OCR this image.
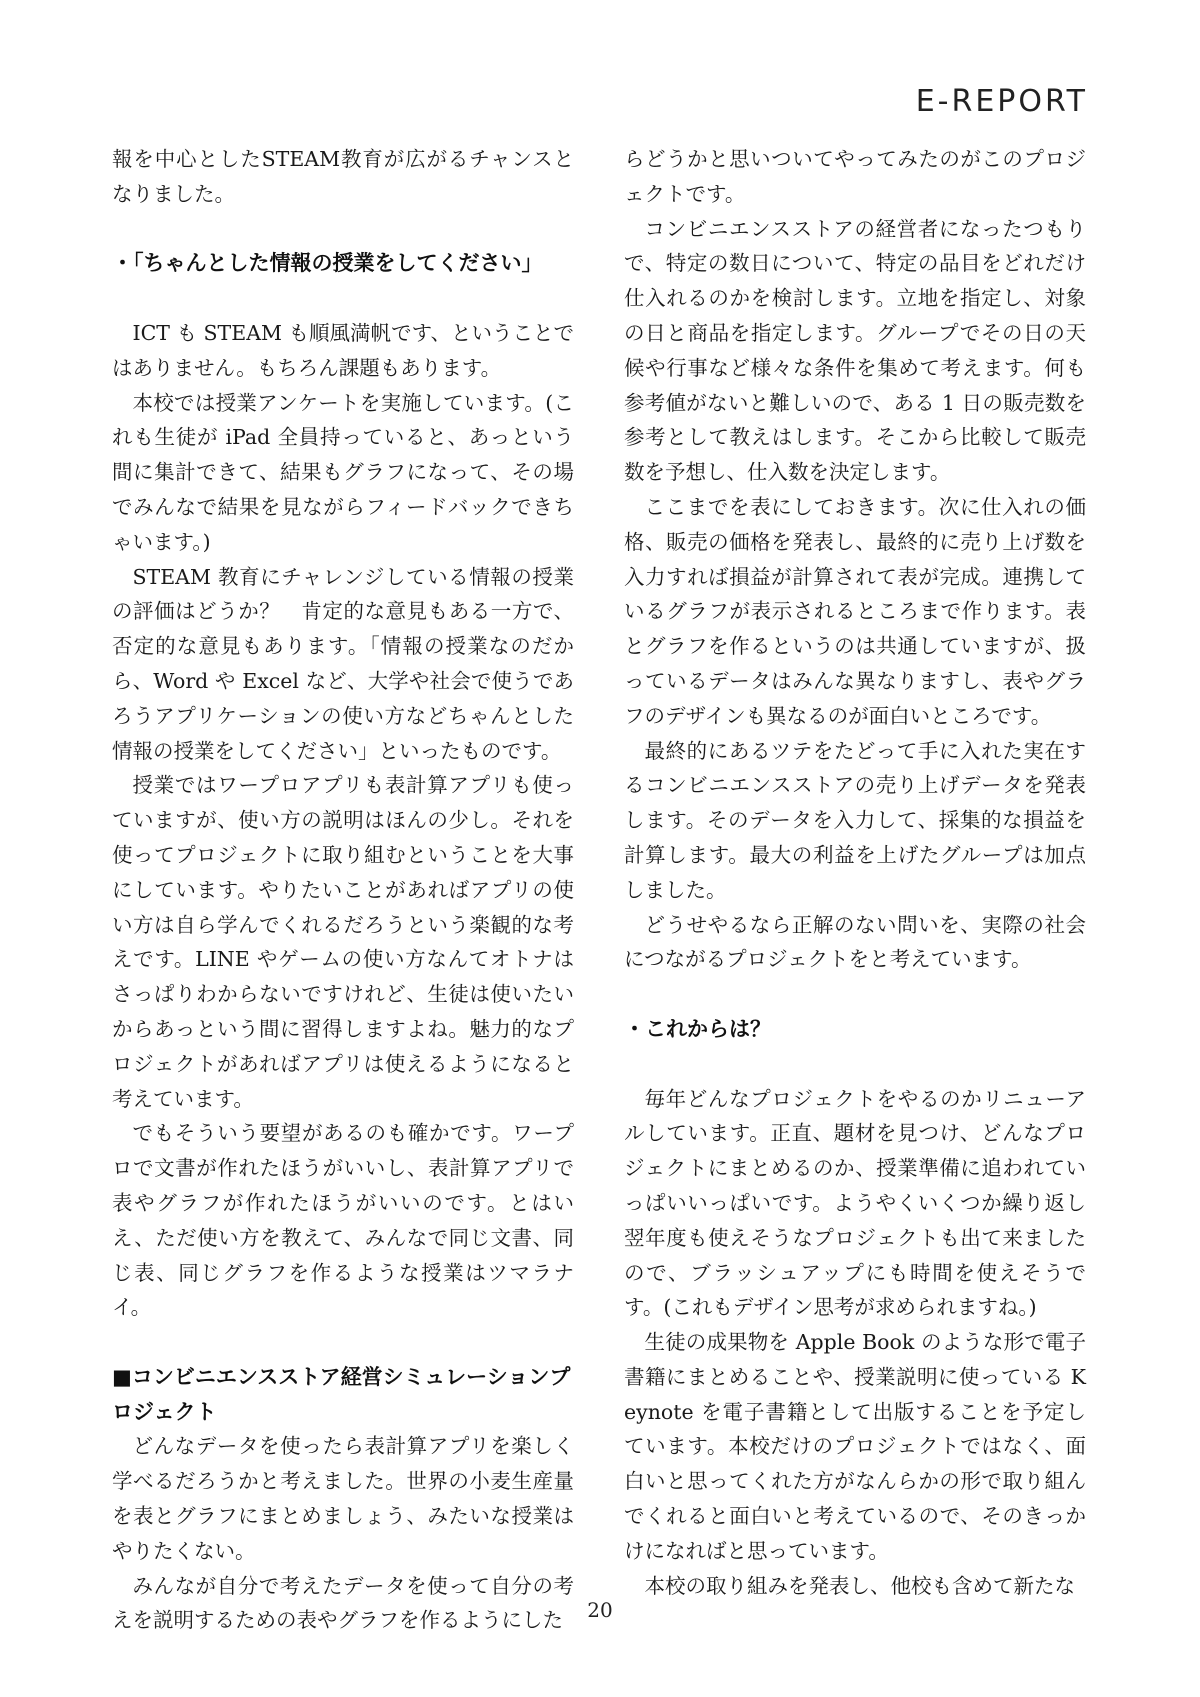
E-REPORT

報を中心としたSTEAM教育が広がるチャンスとなりました。

・「ちゃんとした情報の授業をしてください」

ICT も STEAM も順風満帆です、ということではありません。もちろん課題もあります。

本校では授業アンケートを実施しています。(これも生徒が iPad 全員持っていると、あっという間に集計できて、結果もグラフになって、その場でみんなで結果を見ながらフィードバックできちゃいます。)

STEAM 教育にチャレンジしている情報の授業の評価はどうか？　肯定的な意見もある一方で、否定的な意見もあります。「情報の授業なのだから、Word や Excel など、大学や社会で使うであろうアプリケーションの使い方などちゃんとした情報の授業をしてください」といったものです。

授業ではワープロアプリも表計算アプリも使っていますが、使い方の説明はほんの少し。それを使ってプロジェクトに取り組むということを大事にしています。やりたいことがあればアプリの使い方は自ら学んでくれるだろうという楽観的な考えです。LINE やゲームの使い方なんてオトナはさっぱりわからないですけれど、生徒は使いたいからあっという間に習得しますよね。魅力的なプロジェクトがあればアプリは使えるようになると考えています。

でもそういう要望があるのも確かです。ワープロで文書が作れたほうがいいし、表計算アプリで表やグラフが作れたほうがいいのです。とはいえ、ただ使い方を教えて、みんなで同じ文書、同じ表、同じグラフを作るような授業はツマラナイ。

■コンビニエンスストア経営シミュレーションプロジェクト

どんなデータを使ったら表計算アプリを楽しく学べるだろうかと考えました。世界の小麦生産量を表とグラフにまとめましょう、みたいな授業はやりたくない。

みんなが自分で考えたデータを使って自分の考えを説明するための表やグラフを作るようにした

らどうかと思いついてやってみたのがこのプロジェクトです。

コンビニエンスストアの経営者になったつもりで、特定の数日について、特定の品目をどれだけ仕入れるのかを検討します。立地を指定し、対象の日と商品を指定します。グループでその日の天候や行事など様々な条件を集めて考えます。何も参考値がないと難しいので、ある 1 日の販売数を参考として教えはします。そこから比較して販売数を予想し、仕入数を決定します。

ここまでを表にしておきます。次に仕入れの価格、販売の価格を発表し、最終的に売り上げ数を入力すれば損益が計算されて表が完成。連携しているグラフが表示されるところまで作ります。表とグラフを作るというのは共通していますが、扱っているデータはみんな異なりますし、表やグラフのデザインも異なるのが面白いところです。

最終的にあるツテをたどって手に入れた実在するコンビニエンスストアの売り上げデータを発表します。そのデータを入力して、採集的な損益を計算します。最大の利益を上げたグループは加点しました。

どうせやるなら正解のない問いを、実際の社会につながるプロジェクトをと考えています。

・これからは？

毎年どんなプロジェクトをやるのかリニューアルしています。正直、題材を見つけ、どんなプロジェクトにまとめるのか、授業準備に追われていっぱいいっぱいです。ようやくいくつか繰り返し翌年度も使えそうなプロジェクトも出て来ましたので、ブラッシュアップにも時間を使えそうです。(これもデザイン思考が求められますね。)

生徒の成果物を Apple Book のような形で電子書籍にまとめることや、授業説明に使っている Keynote を電子書籍として出版することを予定しています。本校だけのプロジェクトではなく、面白いと思ってくれた方がなんらかの形で取り組んでくれると面白いと考えているので、そのきっかけになればと思っています。

本校の取り組みを発表し、他校も含めて新たな

20
